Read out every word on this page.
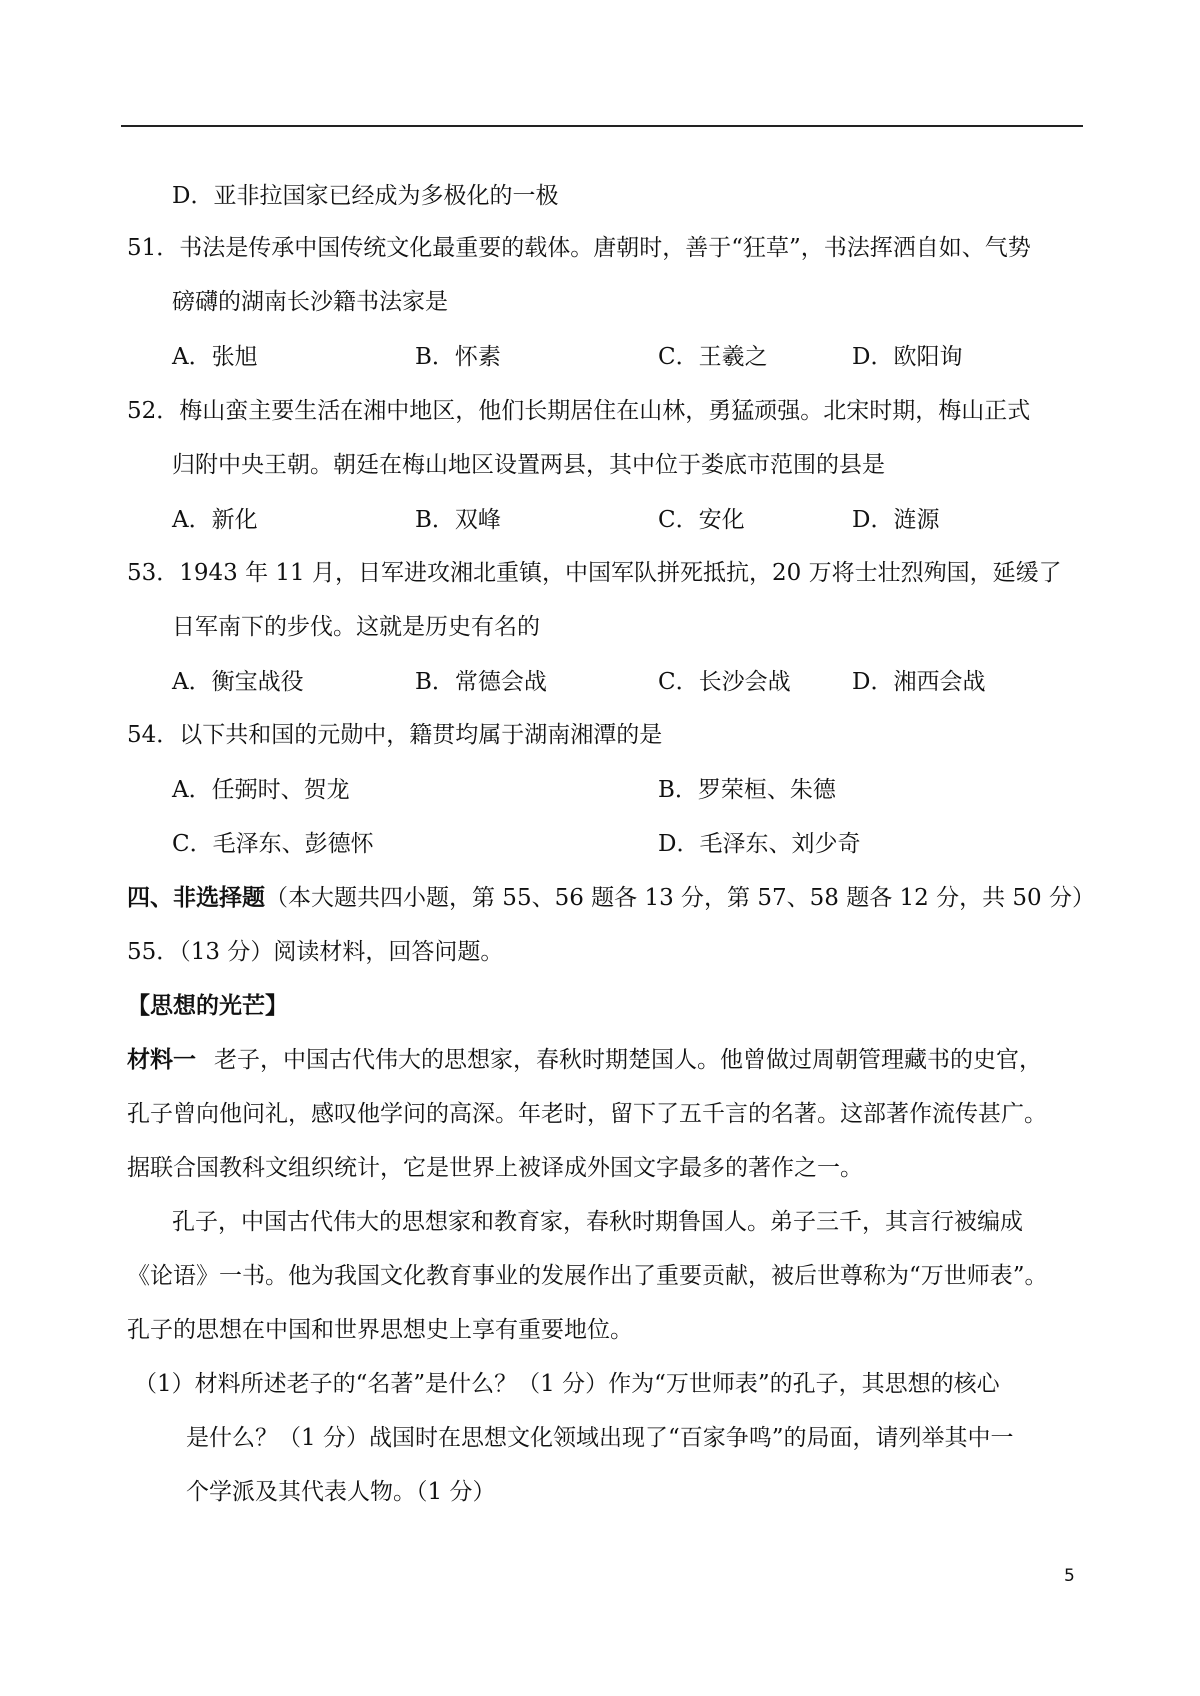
D．亚非拉国家已经成为多极化的一极
51．书法是传承中国传统文化最重要的载体。唐朝时，善于“狂草”，书法挥洒自如、气势
磅礴的湖南长沙籍书法家是
A．张旭	B．怀素	C．王羲之	D．欧阳询
52．梅山蛮主要生活在湘中地区，他们长期居住在山林，勇猛顽强。北宋时期，梅山正式
归附中央王朝。朝廷在梅山地区设置两县，其中位于娄底市范围的县是
A．新化	B．双峰	C．安化	D．涟源
53．1943 年 11 月，日军进攻湘北重镇，中国军队拼死抵抗，20 万将士壮烈殉国，延缓了
日军南下的步伐。这就是历史有名的
A．衡宝战役	B．常德会战	C．长沙会战	D．湘西会战
54．以下共和国的元勋中，籍贯均属于湖南湘潭的是
A．任弼时、贺龙	B．罗荣桓、朱德
C．毛泽东、彭德怀	D．毛泽东、刘少奇
四、非选择题（本大题共四小题，第 55、56 题各 13 分，第 57、58 题各 12 分，共 50 分）
55．（13 分）阅读材料，回答问题。
【思想的光芒】
材料一 老子，中国古代伟大的思想家，春秋时期楚国人。他曾做过周朝管理藏书的史官，
孔子曾向他问礼，感叹他学问的高深。年老时，留下了五千言的名著。这部著作流传甚广。
据联合国教科文组织统计，它是世界上被译成外国文字最多的著作之一。
孔子，中国古代伟大的思想家和教育家，春秋时期鲁国人。弟子三千，其言行被编成
《论语》一书。他为我国文化教育事业的发展作出了重要贡献，被后世尊称为“万世师表”。
孔子的思想在中国和世界思想史上享有重要地位。
（1）材料所述老子的“名著”是什么？（1 分）作为“万世师表”的孔子，其思想的核心
是什么？（1 分）战国时在思想文化领域出现了“百家争鸣”的局面，请列举其中一
个学派及其代表人物。（1 分）
5
